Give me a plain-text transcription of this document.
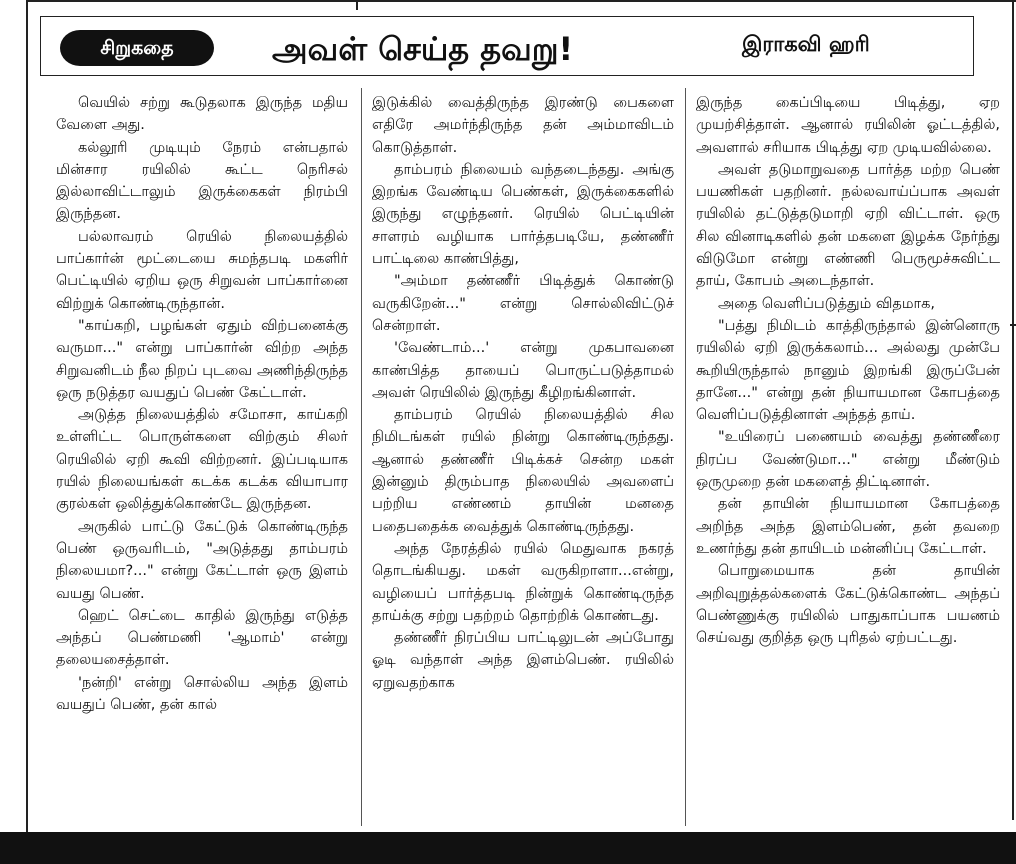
சிறுகதை	அவள் செய்த தவறு!	இராகவி ஹரி

வெயில் சற்று கூடுதலாக இருந்த மதிய வேளை அது.

கல்லூரி முடியும் நேரம் என்பதால் மின்சார ரயிலில் கூட்ட நெரிசல் இல்லாவிட்டாலும் இருக்கைகள் நிரம்பி இருந்தன.

பல்லாவரம் ரெயில் நிலையத்தில் பாப்கார்ன் மூட்டையை சுமந்தபடி மகளிர் பெட்டியில் ஏறிய ஒரு சிறுவன் பாப்கார்னை விற்றுக் கொண்டிருந்தான்.

"காய்கறி, பழங்கள் ஏதும் விற்பனைக்கு வருமா..." என்று பாப்கார்ன் விற்ற அந்த சிறுவனிடம் நீல நிறப் புடவை அணிந்திருந்த ஒரு நடுத்தர வயதுப் பெண் கேட்டாள்.

அடுத்த நிலையத்தில் சமோசா, காய்கறி உள்ளிட்ட பொருள்களை விற்கும் சிலர் ரெயிலில் ஏறி கூவி விற்றனர். இப்படியாக ரயில் நிலையங்கள் கடக்க கடக்க வியாபார குரல்கள் ஒலித்துக்கொண்டே இருந்தன.

அருகில் பாட்டு கேட்டுக் கொண்டிருந்த பெண் ஒருவரிடம், "அடுத்தது தாம்பரம் நிலையமா?..." என்று கேட்டாள் ஒரு இளம் வயது பெண்.

ஹெட் செட்டை காதில் இருந்து எடுத்த அந்தப் பெண்மணி 'ஆமாம்' என்று தலையசைத்தாள்.

'நன்றி' என்று சொல்லிய அந்த இளம் வயதுப் பெண், தன் கால்

இடுக்கில் வைத்திருந்த இரண்டு பைகளை எதிரே அமர்ந்திருந்த தன் அம்மாவிடம் கொடுத்தாள்.

தாம்பரம் நிலையம் வந்தடைந்தது. அங்கு இறங்க வேண்டிய பெண்கள், இருக்கைகளில் இருந்து எழுந்தனர். ரெயில் பெட்டியின் சாளரம் வழியாக பார்த்தபடியே, தண்ணீர் பாட்டிலை காண்பித்து,

"அம்மா தண்ணீர் பிடித்துக் கொண்டு வருகிறேன்..." என்று சொல்லிவிட்டுச் சென்றாள்.

'வேண்டாம்...' என்று முகபாவனை காண்பித்த தாயைப் பொருட்படுத்தாமல் அவள் ரெயிலில் இருந்து கீழிறங்கினாள்.

தாம்பரம் ரெயில் நிலையத்தில் சில நிமிடங்கள் ரயில் நின்று கொண்டிருந்தது. ஆனால் தண்ணீர் பிடிக்கச் சென்ற மகள் இன்னும் திரும்பாத நிலையில் அவளைப் பற்றிய எண்ணம் தாயின் மனதை பதைபதைக்க வைத்துக் கொண்டிருந்தது.

அந்த நேரத்தில் ரயில் மெதுவாக நகரத் தொடங்கியது. மகள் வருகிறாளா...என்று, வழியைப் பார்த்தபடி நின்றுக் கொண்டிருந்த தாய்க்கு சற்று பதற்றம் தொற்றிக் கொண்டது.

தண்ணீர் நிரப்பிய பாட்டிலுடன் அப்போது ஓடி வந்தாள் அந்த இளம்பெண். ரயிலில் ஏறுவதற்காக

இருந்த கைப்பிடியை பிடித்து, ஏற முயற்சித்தாள். ஆனால் ரயிலின் ஓட்டத்தில், அவளால் சரியாக பிடித்து ஏற முடியவில்லை.

அவள் தடுமாறுவதை பார்த்த மற்ற பெண் பயணிகள் பதறினர். நல்லவாய்ப்பாக அவள் ரயிலில் தட்டுத்தடுமாறி ஏறி விட்டாள். ஒரு சில வினாடிகளில் தன் மகளை இழக்க நேர்ந்து விடுமோ என்று எண்ணி பெருமூச்சுவிட்ட தாய், கோபம் அடைந்தாள்.

அதை வெளிப்படுத்தும் விதமாக,

"பத்து நிமிடம் காத்திருந்தால் இன்னொரு ரயிலில் ஏறி இருக்கலாம்... அல்லது முன்பே கூறியிருந்தால் நானும் இறங்கி இருப்பேன் தானே..." என்று தன் நியாயமான கோபத்தை வெளிப்படுத்தினாள் அந்தத் தாய்.

"உயிரைப் பணையம் வைத்து தண்ணீரை நிரப்ப வேண்டுமா..." என்று மீண்டும் ஒருமுறை தன் மகளைத் திட்டினாள்.

தன் தாயின் நியாயமான கோபத்தை அறிந்த அந்த இளம்பெண், தன் தவறை உணர்ந்து தன் தாயிடம் மன்னிப்பு கேட்டாள்.

பொறுமையாக தன் தாயின் அறிவுறுத்தல்களைக் கேட்டுக்கொண்ட அந்தப் பெண்ணுக்கு ரயிலில் பாதுகாப்பாக பயணம் செய்வது குறித்த ஒரு புரிதல் ஏற்பட்டது.
